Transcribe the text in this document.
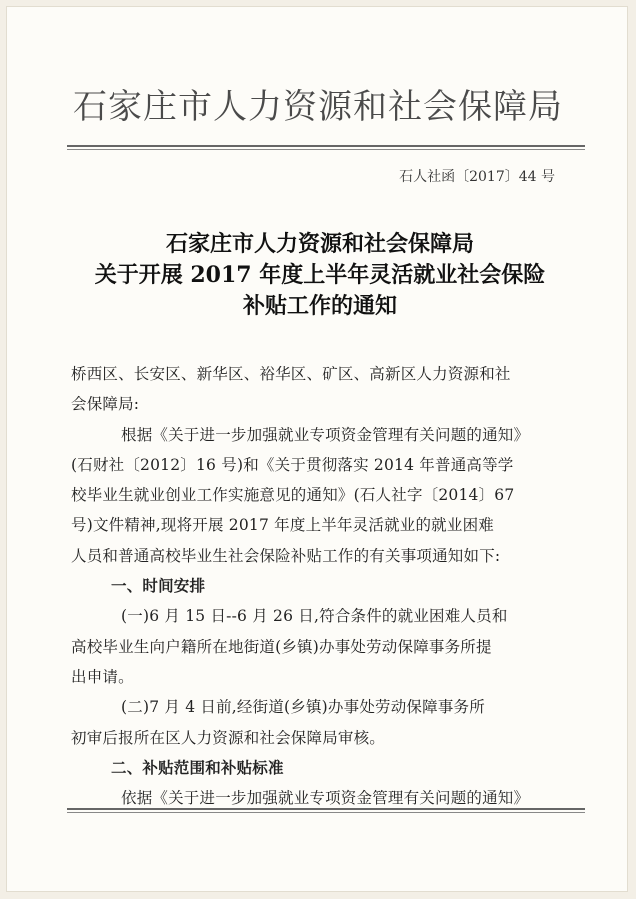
石家庄市人力资源和社会保障局
石人社函〔2017〕44 号
石家庄市人力资源和社会保障局
关于开展 2017 年度上半年灵活就业社会保险
补贴工作的通知
桥西区、长安区、新华区、裕华区、矿区、高新区人力资源和社
会保障局:
根据《关于进一步加强就业专项资金管理有关问题的通知》
(石财社〔2012〕16 号)和《关于贯彻落实 2014 年普通高等学
校毕业生就业创业工作实施意见的通知》(石人社字〔2014〕67
号)文件精神,现将开展 2017 年度上半年灵活就业的就业困难
人员和普通高校毕业生社会保险补贴工作的有关事项通知如下:
一、时间安排
(一)6 月 15 日--6 月 26 日,符合条件的就业困难人员和
高校毕业生向户籍所在地街道(乡镇)办事处劳动保障事务所提
出申请。
(二)7 月 4 日前,经街道(乡镇)办事处劳动保障事务所
初审后报所在区人力资源和社会保障局审核。
二、补贴范围和补贴标准
依据《关于进一步加强就业专项资金管理有关问题的通知》
